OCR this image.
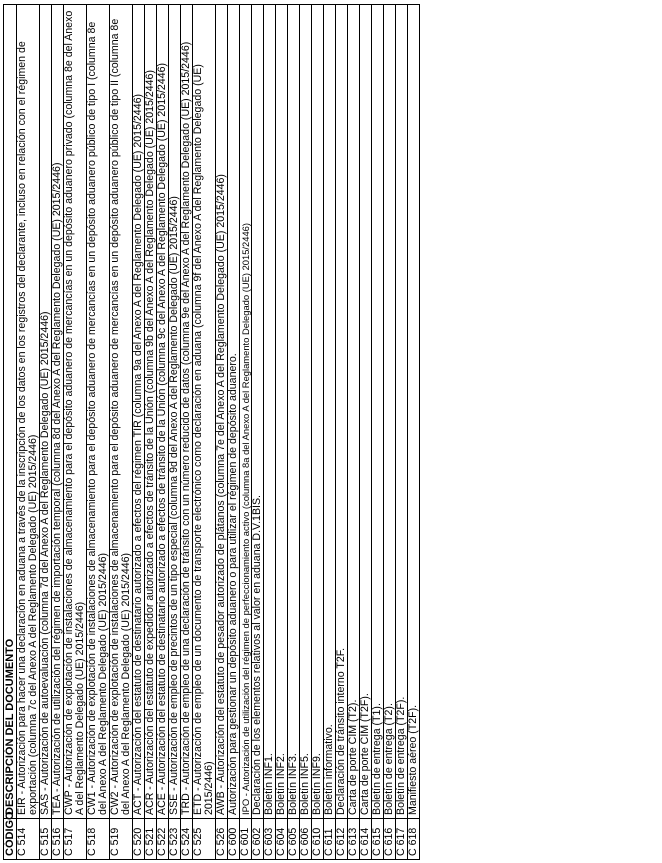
CÓDIGO	DESCRIPCIÓN DEL DOCUMENTO
C 514	EIR - Autorización para hacer una declaración en aduana a través de la inscripción de los datos en los registros del declarante, incluso en relación con el régimen de exportación (columna 7c del Anexo A del Reglamento Delegado (UE) 2015/2446)
C 515	SAS - Autorización de autoevaluación (columna 7d del Anexo A del Reglamento Delegado (UE) 2015/2446)
C 516	TEA - Autorización de utilización del régimen de importación temporal (columna 8d del Anexo A del Reglamento Delegado (UE) 2015/2446)
C 517	CWP - Autorización de explotación de instalaciones de almacenamiento para el depósito aduanero de mercancías en un depósito aduanero privado (columna 8e del Anexo A del Reglamento Delegado (UE) 2015/2446)
C 518	CW1 - Autorización de explotación de instalaciones de almacenamiento para el depósito aduanero de mercancías en un depósito aduanero público de tipo I (columna 8e del Anexo A del Reglamento Delegado (UE) 2015/2446)
C 519	CW2 - Autorización de explotación de instalaciones de almacenamiento para el depósito aduanero de mercancías en un depósito aduanero público de tipo II (columna 8e del Anexo A del Reglamento Delegado (UE) 2015/2446)
C 520	ACT - Autorización del estatuto de destinatario autorizado a efectos del régimen TIR (columna 9a del Anexo A del Reglamento Delegado (UE) 2015/2446)
C 521	ACR - Autorización del estatuto de expedidor autorizado a efectos de tránsito de la Unión (columna 9b del Anexo A del Reglamento Delegado (UE) 2015/2446)
C 522	ACE - Autorización del estatuto de destinatario autorizado a efectos de tránsito de la Unión (columna 9c del Anexo A del Reglamento Delegado (UE) 2015/2446)
C 523	SSE - Autorización de empleo de precintos de un tipo especial (columna 9d del Anexo A del Reglamento Delegado (UE) 2015/2446)
C 524	TRD - Autorización de empleo de una declaración de tránsito con un número reducido de datos (columna 9e del Anexo A del Reglamento Delegado (UE) 2015/2446)
C 525	ETD - Autorización de empleo de un documento de transporte electrónico como declaración en aduana (columna 9f del Anexo A del Reglamento Delegado (UE) 2015/2446)
C 526	AWB - Autorización del estatuto de pesador autorizado de plátanos (columna 7e del Anexo A del Reglamento Delegado (UE) 2015/2446)
C 600	Autorización para gestionar un depósito aduanero o para utilizar el régimen de depósito aduanero.
C 601	IPO - Autorización de utilización del régimen de perfeccionamiento activo (columna 8a del Anexo A del Reglamento Delegado (UE) 2015/2446)
C 602	Declaración de los elementos relativos al valor en aduana D.V.1BIS.
C 603	Boletín INF1.
C 604	Boletín INF2.
C 605	Boletín INF3.
C 606	Boletín INF5.
C 610	Boletín INF9.
C 611	Boletín informativo.
C 612	Declaración de tránsito interno T2F.
C 613	Carta de porte CIM (T2).
C 614	Carta de porte CIM (T2F).
C 615	Boletín de entrega (T1).
C 616	Boletín de entrega (T2).
C 617	Boletín de entrega (T2F).
C 618	Manifiesto aéreo (T2F).
